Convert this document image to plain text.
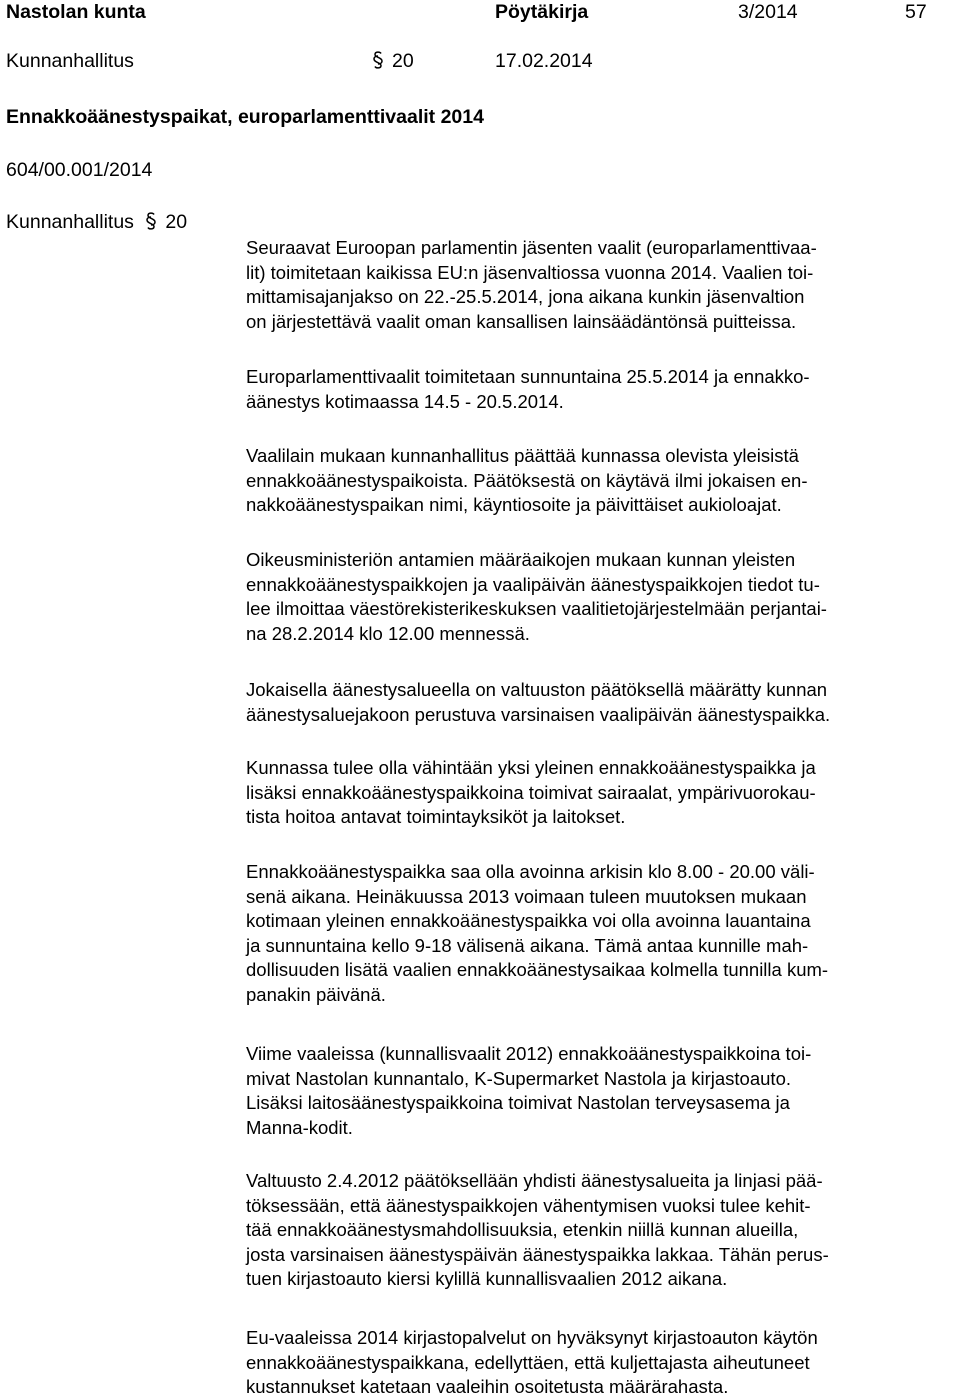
Nastolan kunta	Pöytäkirja	3/2014	57
Kunnanhallitus	20	17.02.2014
Ennakkoäänestyspaikat, europarlamenttivaalit 2014
604/00.001/2014
Kunnanhallitus 20
Seuraavat Euroopan parlamentin jäsenten vaalit (europarlamenttivaa-
lit) toimitetaan kaikissa EU:n jäsenvaltiossa vuonna 2014. Vaalien toi-
mittamisajanjakso on 22.-25.5.2014, jona aikana kunkin jäsenvaltion
on järjestettävä vaalit oman kansallisen lainsäädäntönsä puitteissa.
Europarlamenttivaalit toimitetaan sunnuntaina 25.5.2014 ja ennakko-
äänestys kotimaassa 14.5 - 20.5.2014.
Vaalilain mukaan kunnanhallitus päättää kunnassa olevista yleisistä
ennakkoäänestyspaikoista. Päätöksestä on käytävä ilmi jokaisen en-
nakkoäänestyspaikan nimi, käyntiosoite ja päivittäiset aukioloajat.
Oikeusministeriön antamien määräaikojen mukaan kunnan yleisten
ennakkoäänestyspaikkojen ja vaalipäivän äänestyspaikkojen tiedot tu-
lee ilmoittaa väestörekisterikeskuksen vaalitietojärjestelmään perjantai-
na 28.2.2014 klo 12.00 mennessä.
Jokaisella äänestysalueella on valtuuston päätöksellä määrätty kunnan
äänestysaluejakoon perustuva varsinaisen vaalipäivän äänestyspaikka.
Kunnassa tulee olla vähintään yksi yleinen ennakkoäänestyspaikka ja
lisäksi ennakkoäänestyspaikkoina toimivat sairaalat, ympärivuorokau-
tista hoitoa antavat toimintayksiköt ja laitokset.
Ennakkoäänestyspaikka saa olla avoinna arkisin klo 8.00 - 20.00 väli-
senä aikana. Heinäkuussa 2013 voimaan tuleen muutoksen mukaan
kotimaan yleinen ennakkoäänestyspaikka voi olla avoinna lauantaina
ja sunnuntaina kello 9-18 välisenä aikana. Tämä antaa kunnille mah-
dollisuuden lisätä vaalien ennakkoäänestysaikaa kolmella tunnilla kum-
panakin päivänä.
Viime vaaleissa (kunnallisvaalit 2012) ennakkoäänestyspaikkoina toi-
mivat Nastolan kunnantalo, K-Supermarket Nastola ja kirjastoauto.
Lisäksi laitosäänestyspaikkoina toimivat Nastolan terveysasema ja
Manna-kodit.
Valtuusto 2.4.2012 päätöksellään yhdisti äänestysalueita ja linjasi pää-
töksessään, että äänestyspaikkojen vähentymisen vuoksi tulee kehit-
tää ennakkoäänestysmahdollisuuksia, etenkin niillä kunnan alueilla,
josta varsinaisen äänestyspäivän äänestyspaikka lakkaa. Tähän perus-
tuen kirjastoauto kiersi kylillä kunnallisvaalien 2012 aikana.
Eu-vaaleissa 2014 kirjastopalvelut on hyväksynyt kirjastoauton käytön
ennakkoäänestyspaikkana, edellyttäen, että kuljettajasta aiheutuneet
kustannukset katetaan vaaleihin osoitetusta määrärahasta.
